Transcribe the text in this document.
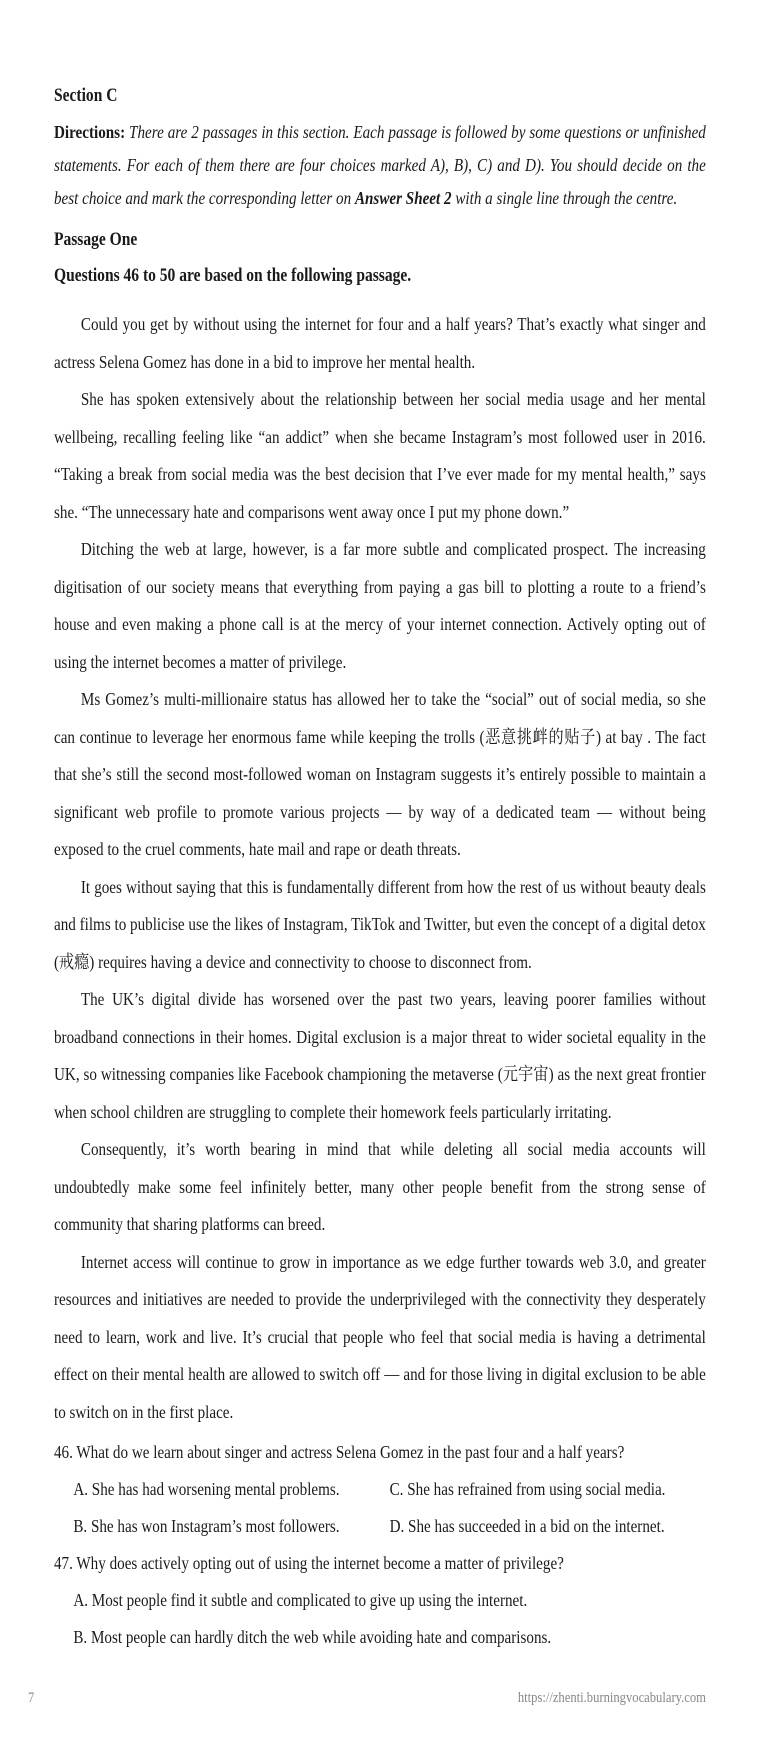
Section C
Directions: There are 2 passages in this section. Each passage is followed by some questions or unfinished statements. For each of them there are four choices marked A), B), C) and D). You should decide on the best choice and mark the corresponding letter on Answer Sheet 2 with a single line through the centre.
Passage One
Questions 46 to 50 are based on the following passage.

Could you get by without using the internet for four and a half years? That’s exactly what singer and actress Selena Gomez has done in a bid to improve her mental health.

She has spoken extensively about the relationship between her social media usage and her mental wellbeing, recalling feeling like “an addict” when she became Instagram’s most followed user in 2016. “Taking a break from social media was the best decision that I’ve ever made for my mental health,” says she. “The unnecessary hate and comparisons went away once I put my phone down.”

Ditching the web at large, however, is a far more subtle and complicated prospect. The increasing digitisation of our society means that everything from paying a gas bill to plotting a route to a friend’s house and even making a phone call is at the mercy of your internet connection. Actively opting out of using the internet becomes a matter of privilege.

Ms Gomez’s multi-millionaire status has allowed her to take the “social” out of social media, so she can continue to leverage her enormous fame while keeping the trolls (恶意挑衅的贴子) at bay . The fact that she’s still the second most-followed woman on Instagram suggests it’s entirely possible to maintain a significant web profile to promote various projects — by way of a dedicated team — without being exposed to the cruel comments, hate mail and rape or death threats.

It goes without saying that this is fundamentally different from how the rest of us without beauty deals and films to publicise use the likes of Instagram, TikTok and Twitter, but even the concept of a digital detox (戒瘾) requires having a device and connectivity to choose to disconnect from.

The UK’s digital divide has worsened over the past two years, leaving poorer families without broadband connections in their homes. Digital exclusion is a major threat to wider societal equality in the UK, so witnessing companies like Facebook championing the metaverse (元宇宙) as the next great frontier when school children are struggling to complete their homework feels particularly irritating.

Consequently, it’s worth bearing in mind that while deleting all social media accounts will undoubtedly make some feel infinitely better, many other people benefit from the strong sense of community that sharing platforms can breed.

Internet access will continue to grow in importance as we edge further towards web 3.0, and greater resources and initiatives are needed to provide the underprivileged with the connectivity they desperately need to learn, work and live. It’s crucial that people who feel that social media is having a detrimental effect on their mental health are allowed to switch off — and for those living in digital exclusion to be able to switch on in the first place.

46. What do we learn about singer and actress Selena Gomez in the past four and a half years?
A. She has had worsening mental problems.	C. She has refrained from using social media.
B. She has won Instagram’s most followers.	D. She has succeeded in a bid on the internet.
47. Why does actively opting out of using the internet become a matter of privilege?
A. Most people find it subtle and complicated to give up using the internet.
B. Most people can hardly ditch the web while avoiding hate and comparisons.
7	https://zhenti.burningvocabulary.com
